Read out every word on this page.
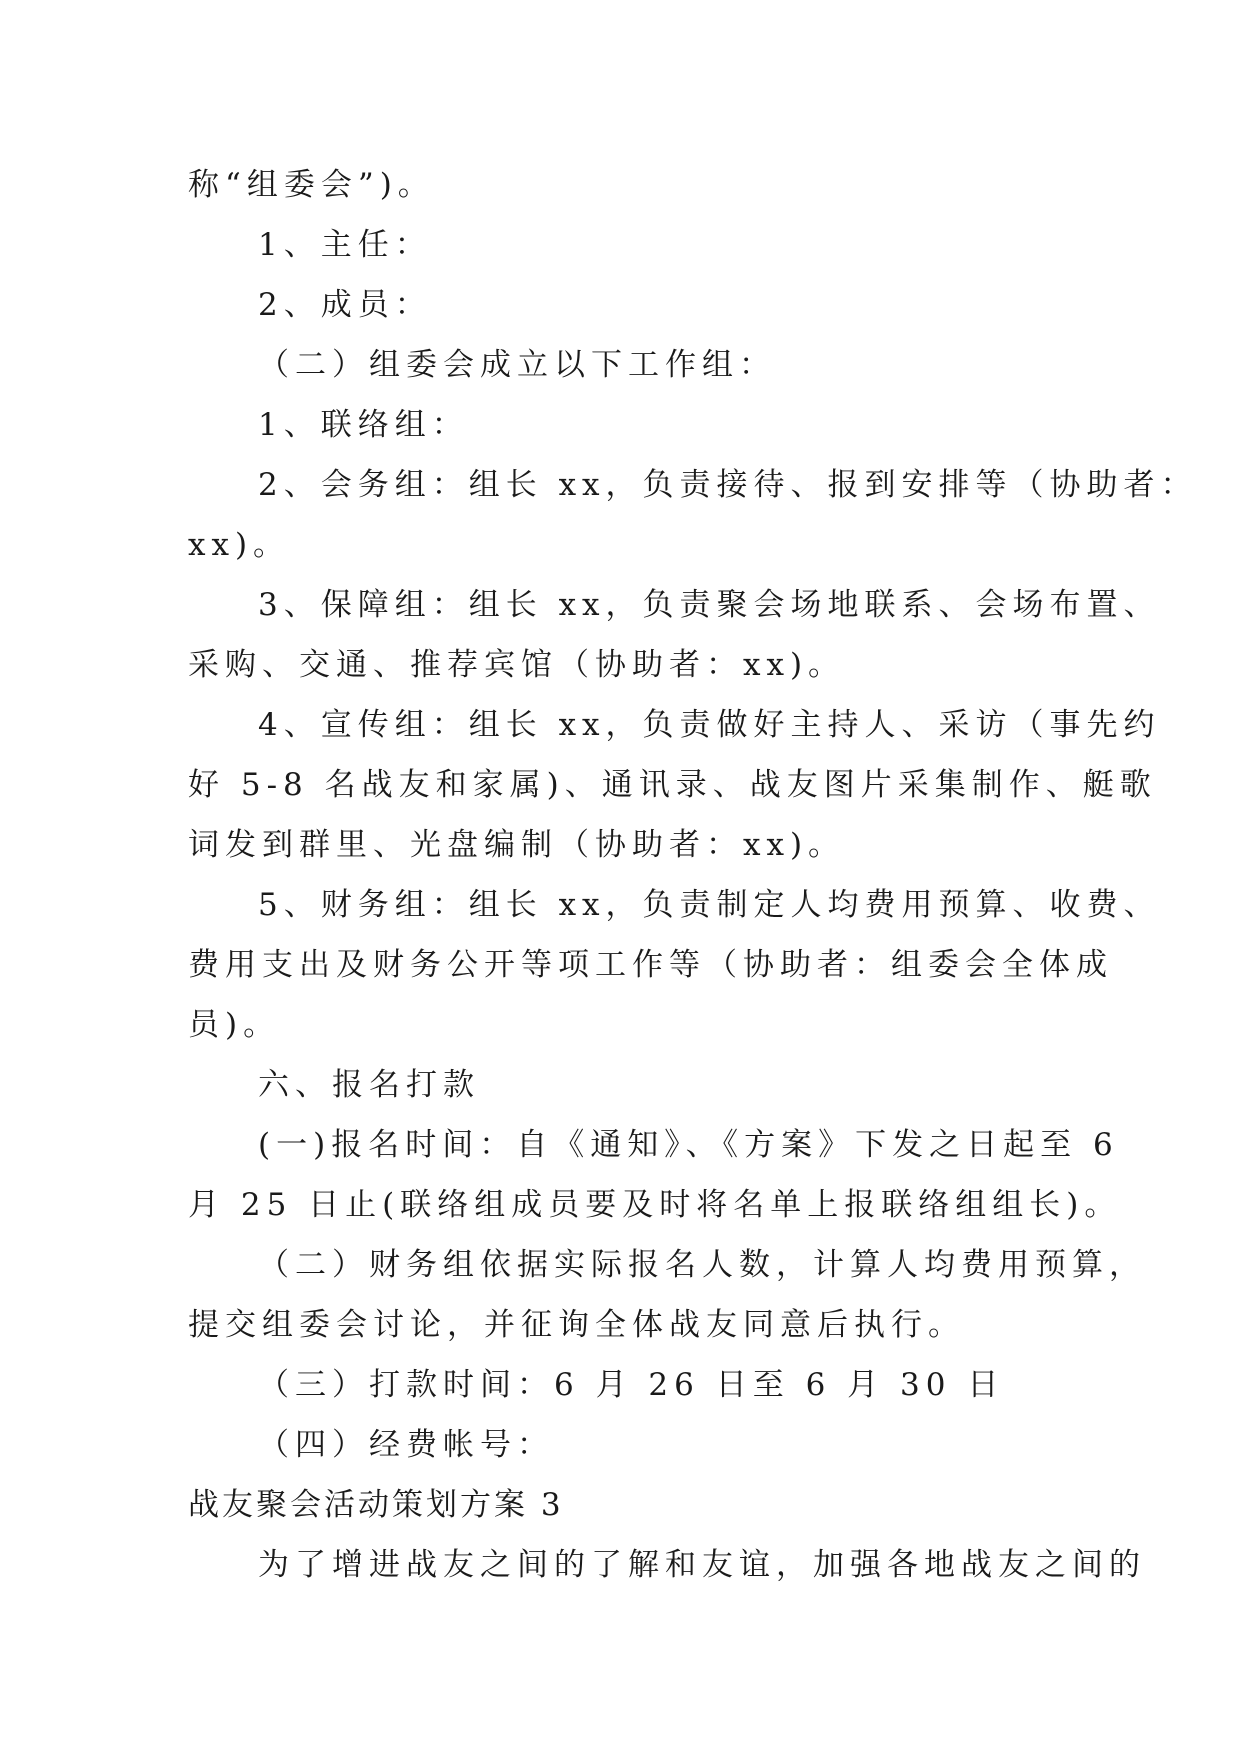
称“组委会”)。
1、主任：
2、成员：
（二）组委会成立以下工作组：
1、联络组：
2、会务组：组长 xx，负责接待、报到安排等（协助者：
xx)。
3、保障组：组长 xx，负责聚会场地联系、会场布置、
采购、交通、推荐宾馆（协助者：xx)。
4、宣传组：组长 xx，负责做好主持人、采访（事先约
好 5-8 名战友和家属)、通讯录、战友图片采集制作、艇歌
词发到群里、光盘编制（协助者：xx)。
5、财务组：组长 xx，负责制定人均费用预算、收费、
费用支出及财务公开等项工作等（协助者：组委会全体成
员)。
六、报名打款
(一)报名时间：自《通知》、《方案》下发之日起至 6
月 25 日止(联络组成员要及时将名单上报联络组组长)。
（二）财务组依据实际报名人数，计算人均费用预算，
提交组委会讨论，并征询全体战友同意后执行。
（三）打款时间：6 月 26 日至 6 月 30 日
（四）经费帐号：
战友聚会活动策划方案 3
为了增进战友之间的了解和友谊，加强各地战友之间的
